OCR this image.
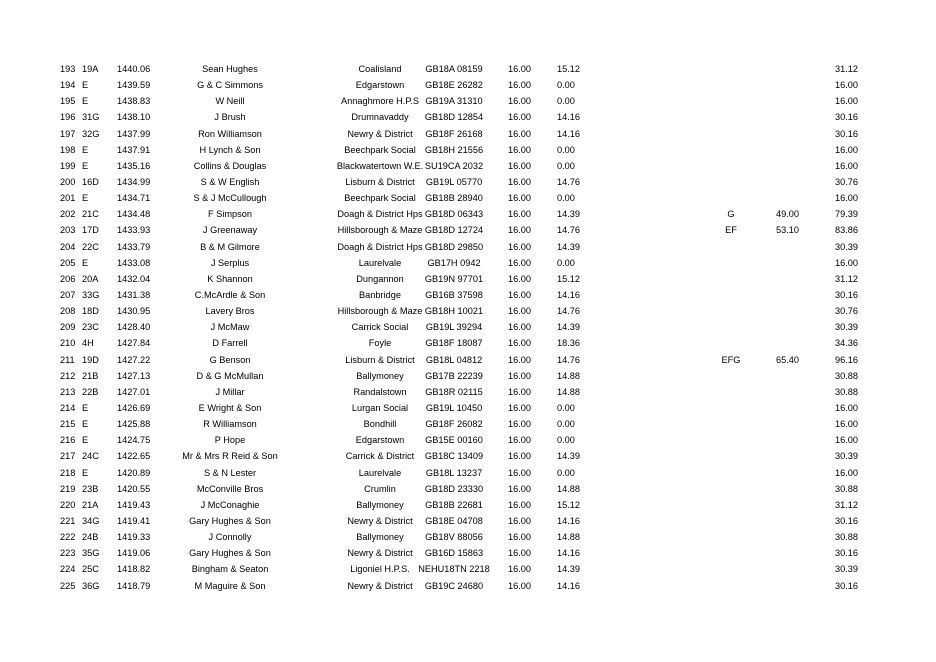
193 19A 1440.06	Sean Hughes	Coalisland	GB18A 08159	16.00	15.12	31.12
194 E	1439.59	G & C Simmons	Edgarstown	GB18E 26282	16.00	0.00	16.00
195 E	1438.83	W Neill	Annaghmore H.P.S GB19A 31310	16.00	0.00	16.00
196 31G 1438.10	J Brush	Drumnavaddy	GB18D 12854	16.00	14.16	30.16
197 32G 1437.99	Ron Williamson	Newry & District	GB18F 26168	16.00	14.16	30.16
198 E	1437.91	H Lynch & Son	Beechpark Social GB18H 21556	16.00	0.00	16.00
199 E	1435.16	Collins & Douglas	Blackwatertown W.E. SU19CA 2032	16.00	0.00	16.00
200 16D 1434.99	S & W English	Lisburn & District	GB19L 05770	16.00	14.76	30.76
201 E	1434.71	S & J McCullough	Beechpark Social	GB18B 28940	16.00	0.00	16.00
202 21C 1434.48	F Simpson	Doagh & District Hps GB18D 06343	16.00	14.39	G	49.00	79.39
203 17D 1433.93	J Greenaway	Hillsborough & Maze GB18D 12724	16.00	14.76	EF	53.10	83.86
204 22C 1433.79	B & M Gilmore	Doagh & District Hps GB18D 29850	16.00	14.39	30.39
205 E	1433.08	J Serplus	Laurelvale	GB17H 0942	16.00	0.00	16.00
206 20A 1432.04	K Shannon	Dungannon	GB19N 97701	16.00	15.12	31.12
207 33G 1431.38	C.McArdle & Son	Banbridge	GB16B 37598	16.00	14.16	30.16
208 18D 1430.95	Lavery Bros	Hillsborough & Maze GB18H 10021	16.00	14.76	30.76
209 23C 1428.40	J McMaw	Carrick Social	GB19L 39294	16.00	14.39	30.39
210 4H	1427.84	D Farrell	Foyle	GB18F 18087	16.00	18.36	34.36
211 19D 1427.22	G Benson	Lisburn & District	GB18L 04812	16.00	14.76	EFG	65.40	96.16
212 21B 1427.13	D & G McMullan	Ballymoney	GB17B 22239	16.00	14.88	30.88
213 22B 1427.01	J Millar	Randalstown	GB18R 02115	16.00	14.88	30.88
214 E	1426.69	E Wright & Son	Lurgan Social	GB19L 10450	16.00	0.00	16.00
215 E	1425.88	R Williamson	Bondhill	GB18F 26082	16.00	0.00	16.00
216 E	1424.75	P Hope	Edgarstown	GB15E 00160	16.00	0.00	16.00
217 24C 1422.65	Mr & Mrs R Reid & Son	Carrick & District	GB18C 13409	16.00	14.39	30.39
218 E	1420.89	S & N Lester	Laurelvale	GB18L 13237	16.00	0.00	16.00
219 23B 1420.55	McConville Bros	Crumlin	GB18D 23330	16.00	14.88	30.88
220 21A 1419.43	J McConaghie	Ballymoney	GB18B 22681	16.00	15.12	31.12
221 34G 1419.41	Gary Hughes & Son	Newry & District	GB18E 04708	16.00	14.16	30.16
222 24B 1419.33	J Connolly	Ballymoney	GB18V 88056	16.00	14.88	30.88
223 35G 1419.06	Gary Hughes & Son	Newry & District	GB16D 15863	16.00	14.16	30.16
224 25C 1418.82	Bingham & Seaton	Ligoniel H.P.S. NEHU18TN 2218	16.00	14.39	30.39
225 36G 1418.79	M Maguire & Son	Newry & District	GB19C 24680	16.00	14.16	30.16
